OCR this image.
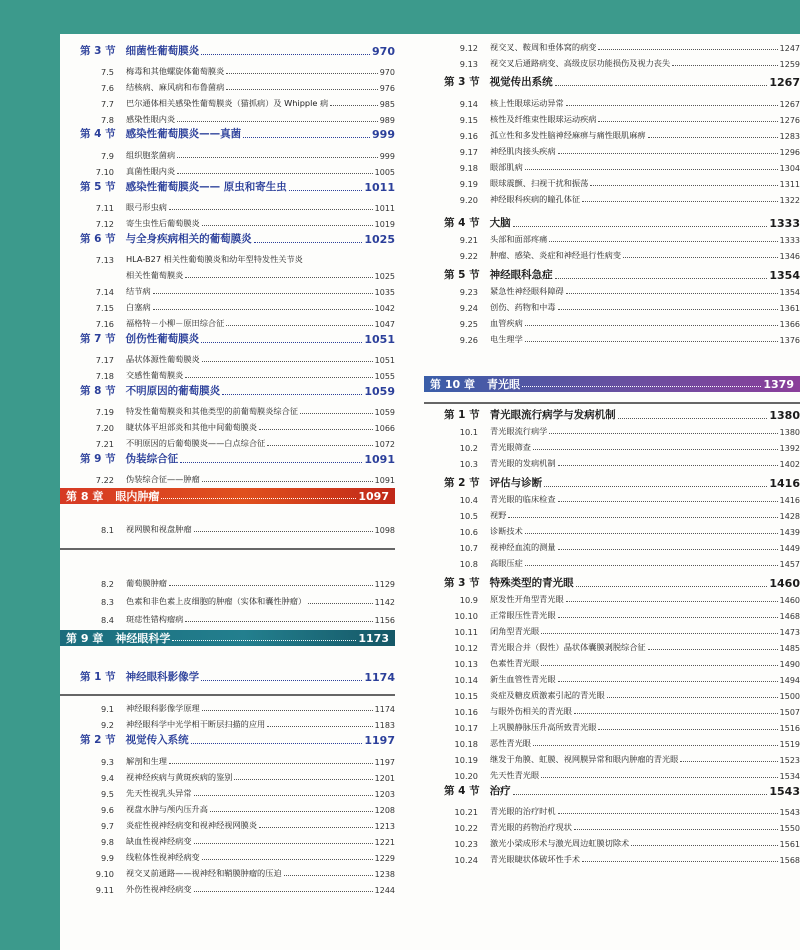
第 3 节 细菌性葡萄膜炎	970
7.5 梅毒和其他螺旋体葡萄膜炎	970
7.6 结核病、麻风病和布鲁菌病	976
7.7 巴尔通体相关感染性葡萄膜炎（猫抓病）及 Whipple 病	985
7.8 感染性眼内炎	989
第 4 节 感染性葡萄膜炎——真菌	999
7.9 组织胞浆菌病	999
7.10 真菌性眼内炎	1005
第 5 节 感染性葡萄膜炎—— 原虫和寄生虫	1011
7.11 眼弓形虫病	1011
7.12 寄生虫性后葡萄膜炎	1019
第 6 节 与全身疾病相关的葡萄膜炎	1025
7.13 HLA-B27 相关性葡萄膜炎和幼年型特发性关节炎
相关性葡萄膜炎	1025
7.14 结节病	1035
7.15 白塞病	1042
7.16 福格特－小柳－原田综合征	1047
第 7 节 创伤性葡萄膜炎	1051
7.17 晶状体源性葡萄膜炎	1051
7.18 交感性葡萄膜炎	1055
第 8 节 不明原因的葡萄膜炎	1059
7.19 特发性葡萄膜炎和其他类型的前葡萄膜炎综合征	1059
7.20 睫状体平坦部炎和其他中间葡萄膜炎	1066
7.21 不明原因的后葡萄膜炎——白点综合征	1072
第 9 节 伪装综合征	1091
7.22 伪装综合征——肿瘤	1091
第 8 章 眼内肿瘤	1097
8.1 视网膜和视盘肿瘤	1098
8.2 葡萄膜肿瘤	1129
8.3 色素和非色素上皮细胞的肿瘤（实体和囊性肿瘤）	1142
8.4 斑痣性错构瘤病	1156
第 9 章 神经眼科学	1173
第 1 节 神经眼科影像学	1174
9.1 神经眼科影像学原理	1174
9.2 神经眼科学中光学相干断层扫描的应用	1183
第 2 节 视觉传入系统	1197
9.3 解剖和生理	1197
9.4 视神经疾病与黄斑疾病的鉴别	1201
9.5 先天性视乳头异常	1203
9.6 视盘水肿与颅内压升高	1208
9.7 炎症性视神经病变和视神经视网膜炎	1213
9.8 缺血性视神经病变	1221
9.9 线粒体性视神经病变	1229
9.10 视交叉前通路——视神经和鞘膜肿瘤的压迫	1238
9.11 外伤性视神经病变	1244
9.12 视交叉、鞍周和垂体窝的病变	1247
9.13 视交叉后通路病变、高级皮层功能损伤及视力丧失	1259
第 3 节 视觉传出系统	1267
9.14 核上性眼球运动异常	1267
9.15 核性及纤维束性眼球运动疾病	1276
9.16 孤立性和多发性脑神经麻痹与痛性眼肌麻痹	1283
9.17 神经肌肉接头疾病	1296
9.18 眼部肌病	1304
9.19 眼球震颤、扫视干扰和振荡	1311
9.20 神经眼科疾病的瞳孔体征	1322
第 4 节 大脑	1333
9.21 头部和面部疼痛	1333
9.22 肿瘤、感染、炎症和神经退行性病变	1346
第 5 节 神经眼科急症	1354
9.23 紧急性神经眼科障碍	1354
9.24 创伤、药物和中毒	1361
9.25 血管疾病	1366
9.26 电生理学	1376
第 10 章 青光眼	1379
第 1 节 青光眼流行病学与发病机制	1380
10.1 青光眼流行病学	1380
10.2 青光眼筛查	1392
10.3 青光眼的发病机制	1402
第 2 节 评估与诊断	1416
10.4 青光眼的临床检查	1416
10.5 视野	1428
10.6 诊断技术	1439
10.7 视神经血流的测量	1449
10.8 高眼压症	1457
第 3 节 特殊类型的青光眼	1460
10.9 原发性开角型青光眼	1460
10.10 正常眼压性青光眼	1468
10.11 闭角型青光眼	1473
10.12 青光眼合并（假性）晶状体囊膜剥脱综合征	1485
10.13 色素性青光眼	1490
10.14 新生血管性青光眼	1494
10.15 炎症及糖皮质激素引起的青光眼	1500
10.16 与眼外伤相关的青光眼	1507
10.17 上巩膜静脉压升高所致青光眼	1516
10.18 恶性青光眼	1519
10.19 继发于角膜、虹膜、视网膜异常和眼内肿瘤的青光眼	1523
10.20 先天性青光眼	1534
第 4 节 治疗	1543
10.21 青光眼的治疗时机	1543
10.22 青光眼的药物治疗现状	1550
10.23 激光小梁成形术与激光周边虹膜切除术	1561
10.24 青光眼睫状体破坏性手术	1568
